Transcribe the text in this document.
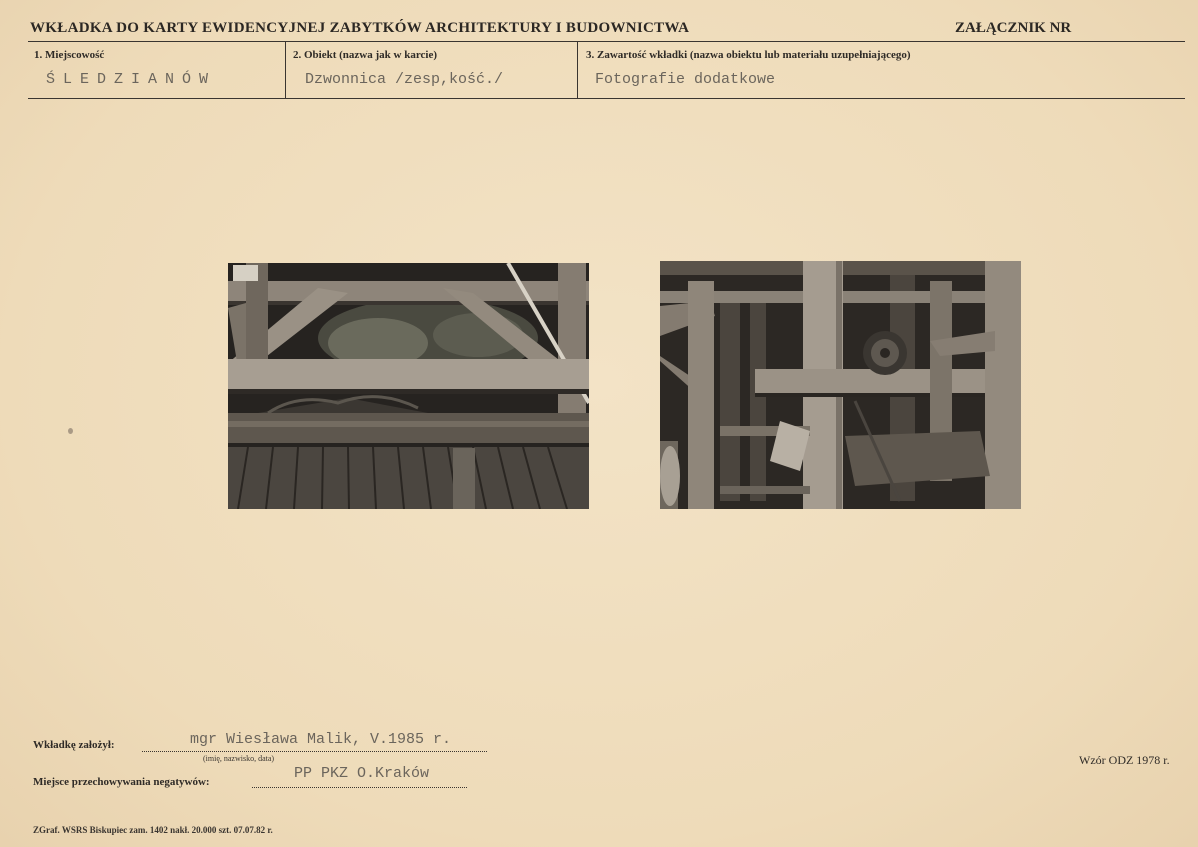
WKŁADKA DO KARTY EWIDENCYJNEJ ZABYTKÓW ARCHITEKTURY I BUDOWNICTWA	ZAŁĄCZNIK NR
1. Miejscowość
ŚLEDZIANÓW
2. Obiekt (nazwa jak w karcie)
Dzwonnica /zesp,kość./
3. Zawartość wkładki (nazwa obiektu lub materiału uzupełniającego)
Fotografie dodatkowe
Wkładkę założył:	mgr Wiesława Malik, V.1985 r.
(imię, nazwisko, data)
Miejsce przechowywania negatywów:	PP PKZ O.Kraków
Wzór ODZ 1978 r.
ZGraf. WSRS Biskupiec zam. 1402 nakł. 20.000 szt. 07.07.82 r.
